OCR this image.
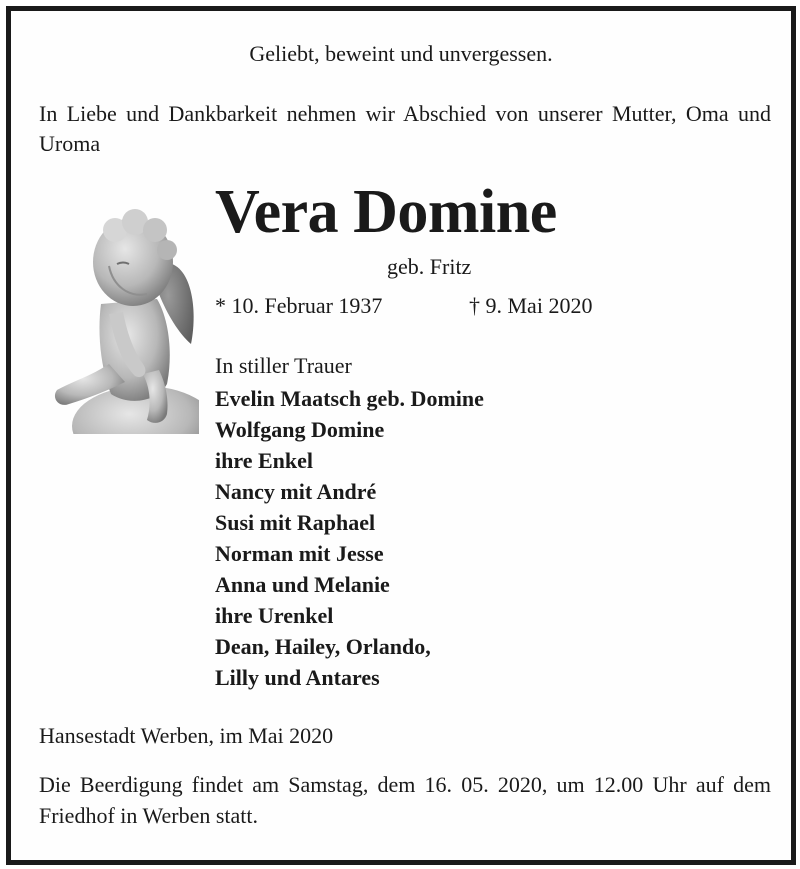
Geliebt, beweint und unvergessen.
In Liebe und Dankbarkeit nehmen wir Abschied von unserer Mutter, Oma und Uroma
Vera Domine
geb. Fritz
* 10. Februar 1937	† 9. Mai 2020
In stiller Trauer
Evelin Maatsch geb. Domine
Wolfgang Domine
ihre Enkel
Nancy mit André
Susi mit Raphael
Norman mit Jesse
Anna und Melanie
ihre Urenkel
Dean, Hailey, Orlando,
Lilly und Antares
Hansestadt Werben, im Mai 2020
Die Beerdigung findet am Samstag, dem 16. 05. 2020, um 12.00 Uhr auf dem Friedhof in Werben statt.
